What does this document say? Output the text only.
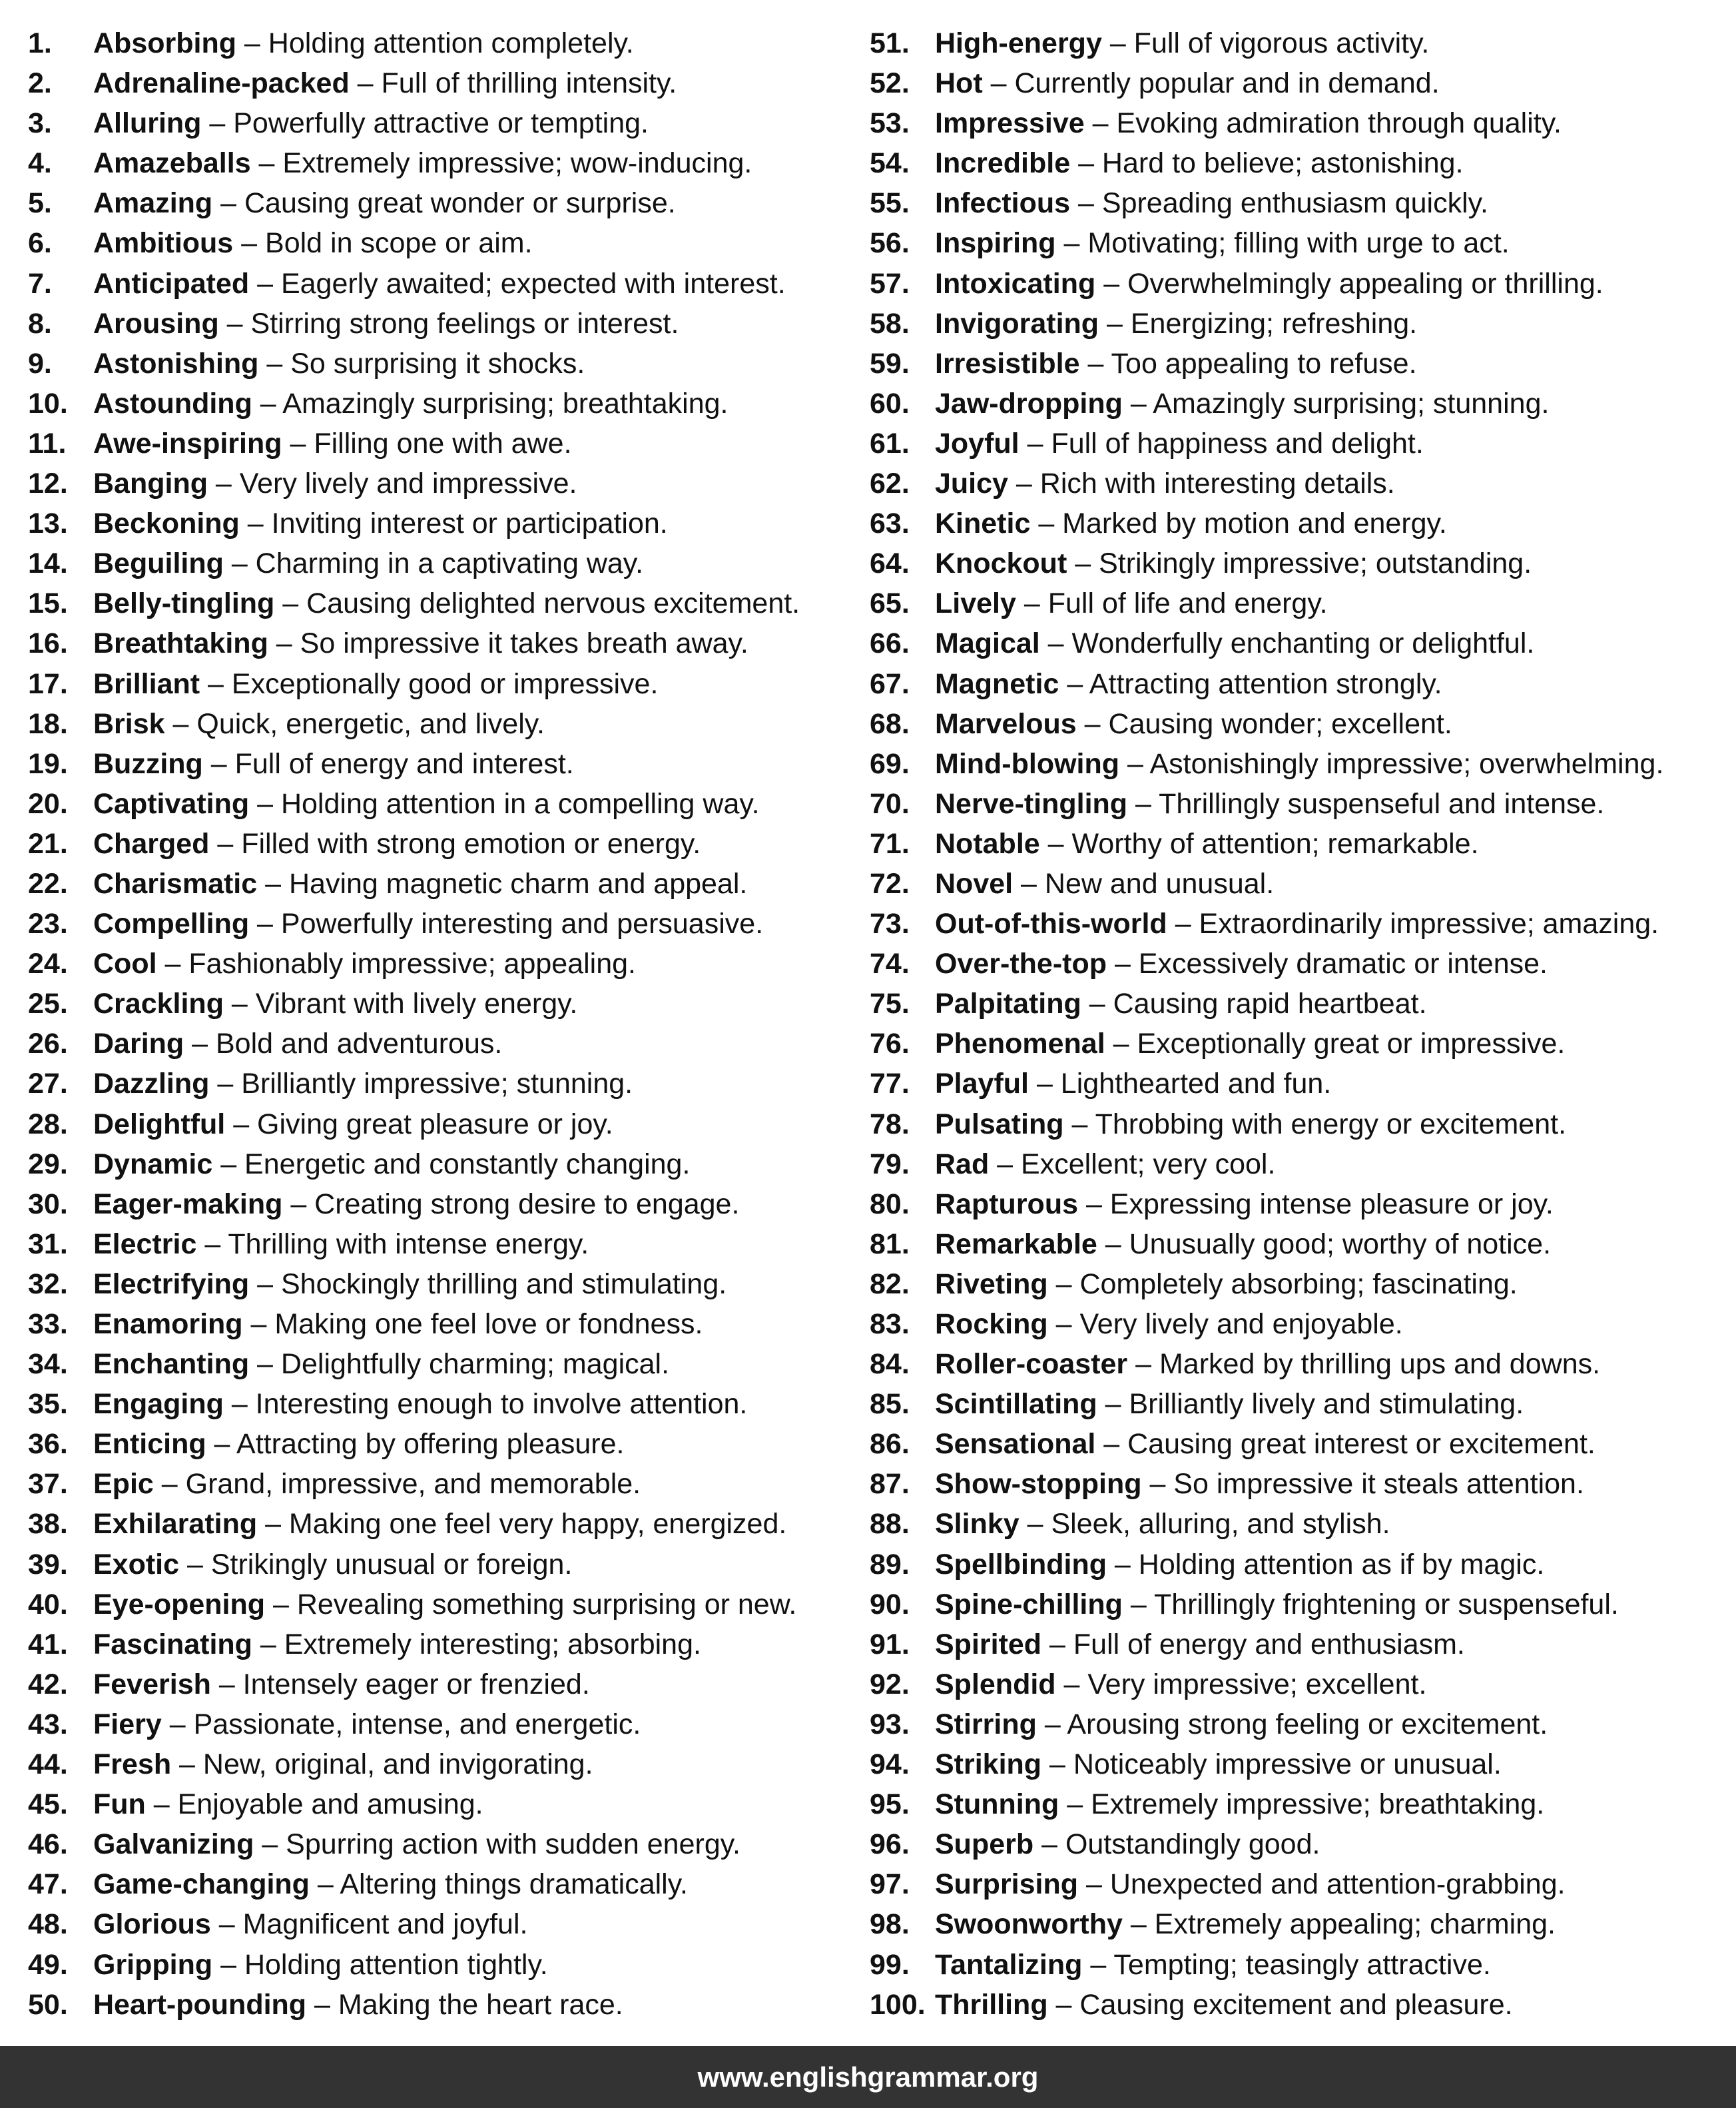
1. Absorbing – Holding attention completely.
2. Adrenaline-packed – Full of thrilling intensity.
3. Alluring – Powerfully attractive or tempting.
4. Amazeballs – Extremely impressive; wow-inducing.
5. Amazing – Causing great wonder or surprise.
6. Ambitious – Bold in scope or aim.
7. Anticipated – Eagerly awaited; expected with interest.
8. Arousing – Stirring strong feelings or interest.
9. Astonishing – So surprising it shocks.
10. Astounding – Amazingly surprising; breathtaking.
11. Awe-inspiring – Filling one with awe.
12. Banging – Very lively and impressive.
13. Beckoning – Inviting interest or participation.
14. Beguiling – Charming in a captivating way.
15. Belly-tingling – Causing delighted nervous excitement.
16. Breathtaking – So impressive it takes breath away.
17. Brilliant – Exceptionally good or impressive.
18. Brisk – Quick, energetic, and lively.
19. Buzzing – Full of energy and interest.
20. Captivating – Holding attention in a compelling way.
21. Charged – Filled with strong emotion or energy.
22. Charismatic – Having magnetic charm and appeal.
23. Compelling – Powerfully interesting and persuasive.
24. Cool – Fashionably impressive; appealing.
25. Crackling – Vibrant with lively energy.
26. Daring – Bold and adventurous.
27. Dazzling – Brilliantly impressive; stunning.
28. Delightful – Giving great pleasure or joy.
29. Dynamic – Energetic and constantly changing.
30. Eager-making – Creating strong desire to engage.
31. Electric – Thrilling with intense energy.
32. Electrifying – Shockingly thrilling and stimulating.
33. Enamoring – Making one feel love or fondness.
34. Enchanting – Delightfully charming; magical.
35. Engaging – Interesting enough to involve attention.
36. Enticing – Attracting by offering pleasure.
37. Epic – Grand, impressive, and memorable.
38. Exhilarating – Making one feel very happy, energized.
39. Exotic – Strikingly unusual or foreign.
40. Eye-opening – Revealing something surprising or new.
41. Fascinating – Extremely interesting; absorbing.
42. Feverish – Intensely eager or frenzied.
43. Fiery – Passionate, intense, and energetic.
44. Fresh – New, original, and invigorating.
45. Fun – Enjoyable and amusing.
46. Galvanizing – Spurring action with sudden energy.
47. Game-changing – Altering things dramatically.
48. Glorious – Magnificent and joyful.
49. Gripping – Holding attention tightly.
50. Heart-pounding – Making the heart race.
51. High-energy – Full of vigorous activity.
52. Hot – Currently popular and in demand.
53. Impressive – Evoking admiration through quality.
54. Incredible – Hard to believe; astonishing.
55. Infectious – Spreading enthusiasm quickly.
56. Inspiring – Motivating; filling with urge to act.
57. Intoxicating – Overwhelmingly appealing or thrilling.
58. Invigorating – Energizing; refreshing.
59. Irresistible – Too appealing to refuse.
60. Jaw-dropping – Amazingly surprising; stunning.
61. Joyful – Full of happiness and delight.
62. Juicy – Rich with interesting details.
63. Kinetic – Marked by motion and energy.
64. Knockout – Strikingly impressive; outstanding.
65. Lively – Full of life and energy.
66. Magical – Wonderfully enchanting or delightful.
67. Magnetic – Attracting attention strongly.
68. Marvelous – Causing wonder; excellent.
69. Mind-blowing – Astonishingly impressive; overwhelming.
70. Nerve-tingling – Thrillingly suspenseful and intense.
71. Notable – Worthy of attention; remarkable.
72. Novel – New and unusual.
73. Out-of-this-world – Extraordinarily impressive; amazing.
74. Over-the-top – Excessively dramatic or intense.
75. Palpitating – Causing rapid heartbeat.
76. Phenomenal – Exceptionally great or impressive.
77. Playful – Lighthearted and fun.
78. Pulsating – Throbbing with energy or excitement.
79. Rad – Excellent; very cool.
80. Rapturous – Expressing intense pleasure or joy.
81. Remarkable – Unusually good; worthy of notice.
82. Riveting – Completely absorbing; fascinating.
83. Rocking – Very lively and enjoyable.
84. Roller-coaster – Marked by thrilling ups and downs.
85. Scintillating – Brilliantly lively and stimulating.
86. Sensational – Causing great interest or excitement.
87. Show-stopping – So impressive it steals attention.
88. Slinky – Sleek, alluring, and stylish.
89. Spellbinding – Holding attention as if by magic.
90. Spine-chilling – Thrillingly frightening or suspenseful.
91. Spirited – Full of energy and enthusiasm.
92. Splendid – Very impressive; excellent.
93. Stirring – Arousing strong feeling or excitement.
94. Striking – Noticeably impressive or unusual.
95. Stunning – Extremely impressive; breathtaking.
96. Superb – Outstandingly good.
97. Surprising – Unexpected and attention-grabbing.
98. Swoonworthy – Extremely appealing; charming.
99. Tantalizing – Tempting; teasingly attractive.
100. Thrilling – Causing excitement and pleasure.
www.englishgrammar.org
